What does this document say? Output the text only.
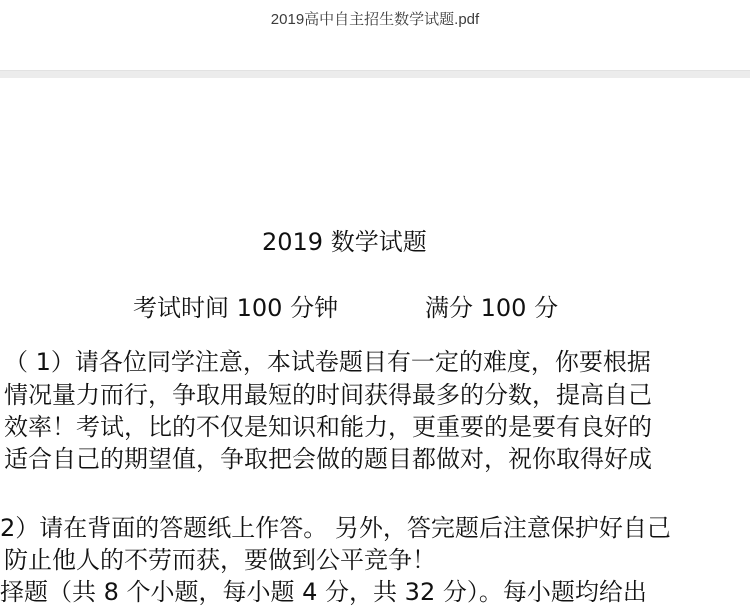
2019高中自主招生数学试题.pdf
2019 数学试题
考试时间 100 分钟	满分 100 分
（ 1）请各位同学注意，本试卷题目有一定的难度，你要根据
情况量力而行，争取用最短的时间获得最多的分数，提高自己
效率！考试，比的不仅是知识和能力，更重要的是要有良好的
适合自己的期望值，争取把会做的题目都做对，祝你取得好成
2）请在背面的答题纸上作答。 另外，答完题后注意保护好自己
防止他人的不劳而获，要做到公平竞争！
择题（共 8 个小题，每小题 4 分，共 32 分）。每小题均给出
